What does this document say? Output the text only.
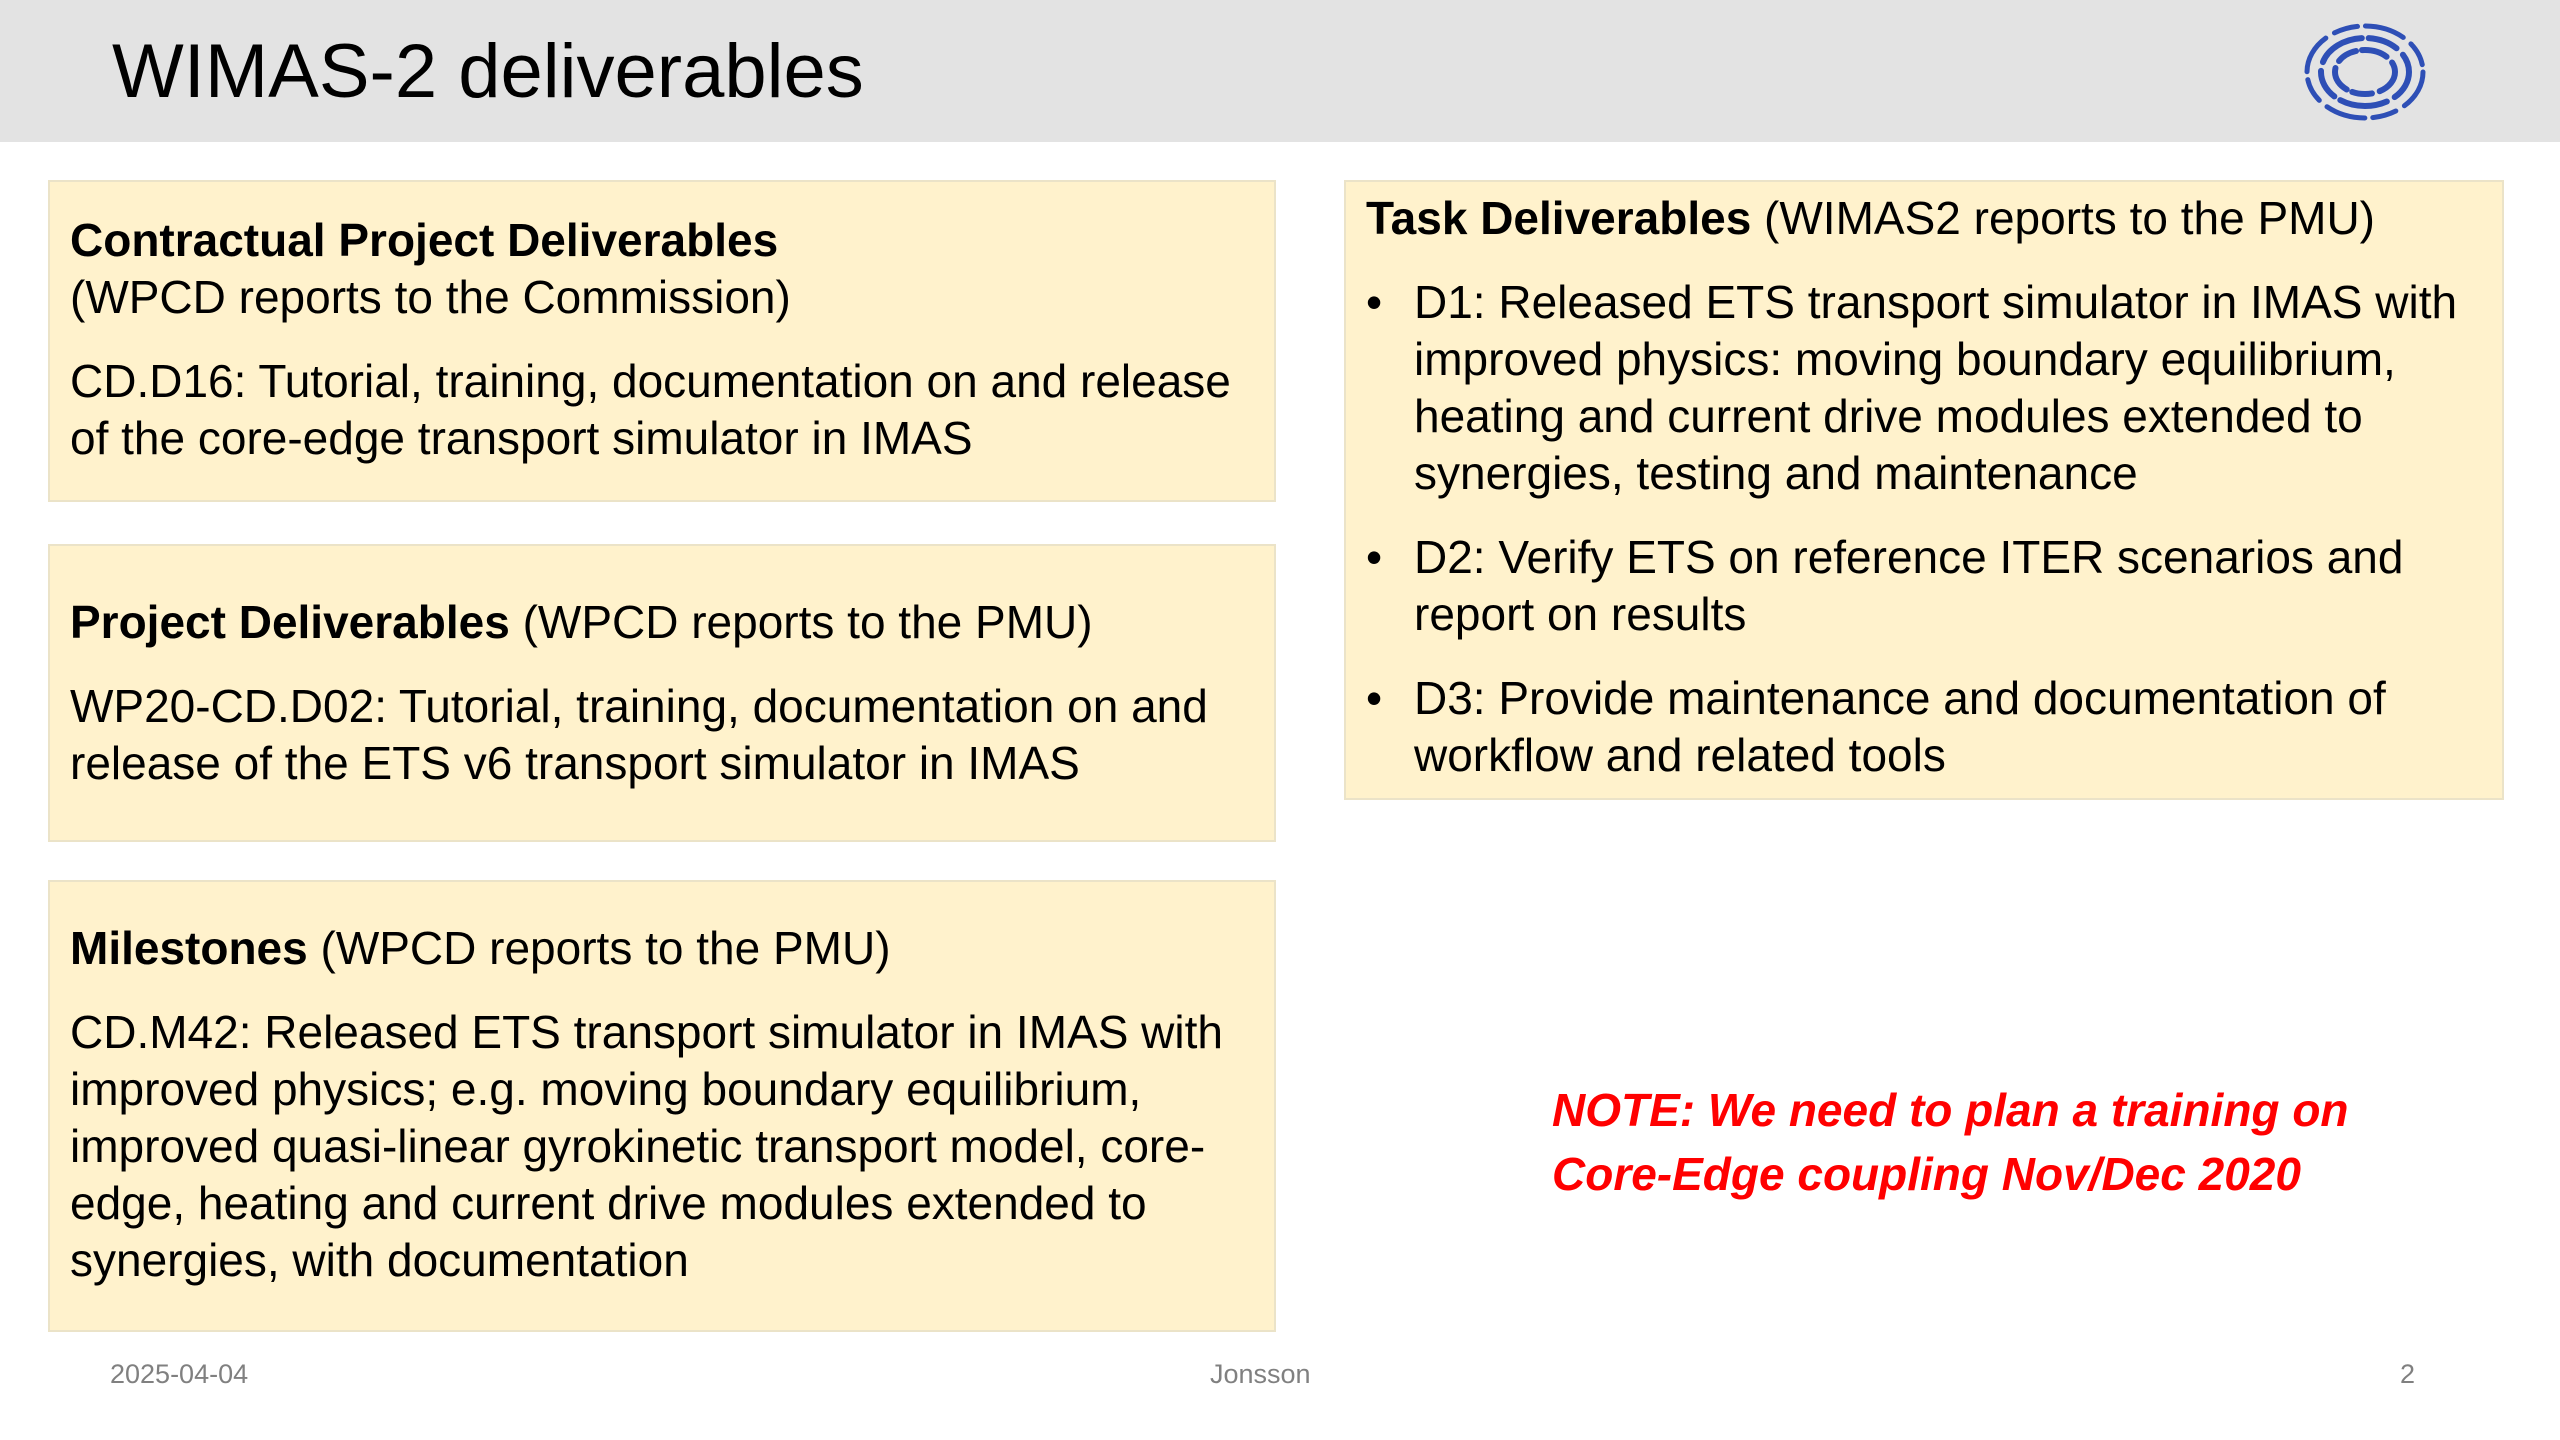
WIMAS-2 deliverables

Contractual Project Deliverables

(WPCD reports to the Commission)

CD.D16: Tutorial, training, documentation on and release of the core-edge transport simulator in IMAS

Project Deliverables (WPCD reports to the PMU)

WP20-CD.D02: Tutorial, training, documentation on and release of the ETS v6 transport simulator in IMAS

Milestones (WPCD reports to the PMU)

CD.M42: Released ETS transport simulator in IMAS with improved physics; e.g. moving boundary equilibrium, improved quasi-linear gyrokinetic transport model, core-edge, heating and current drive modules extended to synergies, with documentation

Task Deliverables (WIMAS2 reports to the PMU)

• D1: Released ETS transport simulator in IMAS with improved physics: moving boundary equilibrium, heating and current drive modules extended to synergies, testing and maintenance
• D2: Verify ETS on reference ITER scenarios and report on results
• D3: Provide maintenance and documentation of workflow and related tools
NOTE: We need to plan a training on
Core-Edge coupling Nov/Dec 2020
2025-04-04	Jonsson	2
